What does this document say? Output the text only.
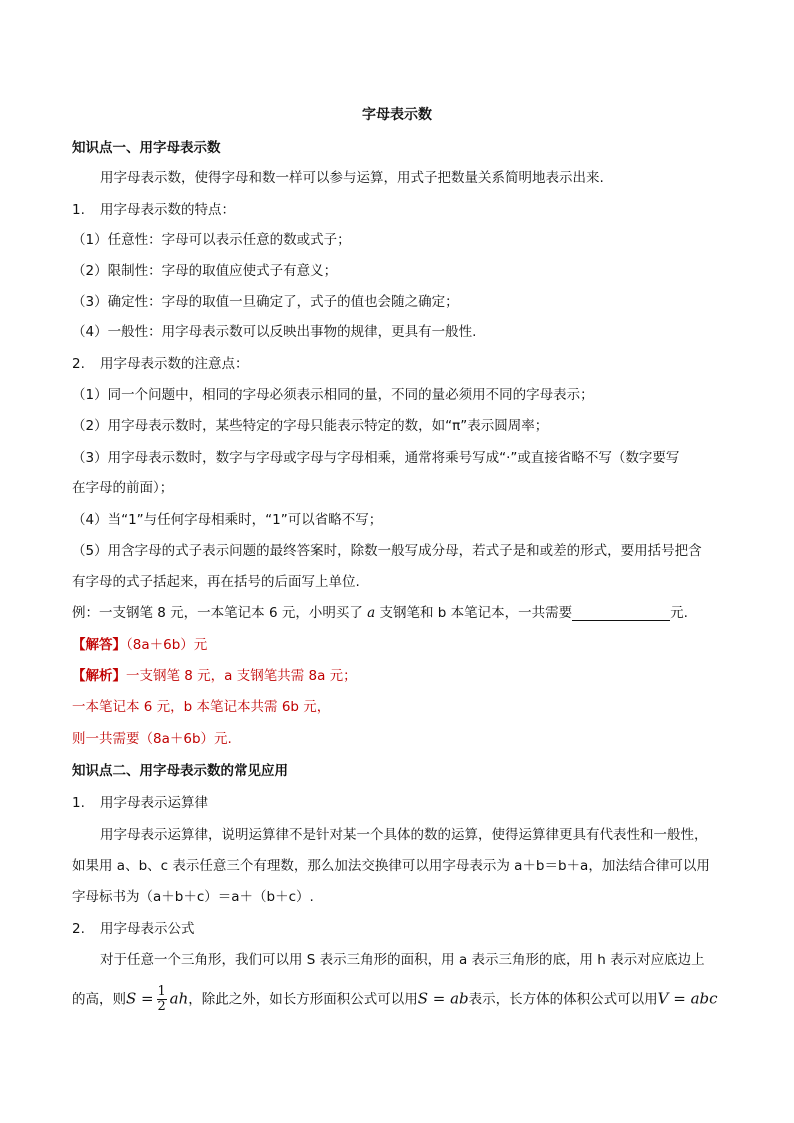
字母表示数
知识点一、用字母表示数
用字母表示数，使得字母和数一样可以参与运算，用式子把数量关系简明地表示出来.
1. 用字母表示数的特点：
（1）任意性：字母可以表示任意的数或式子；
（2）限制性：字母的取值应使式子有意义；
（3）确定性：字母的取值一旦确定了，式子的值也会随之确定；
（4）一般性：用字母表示数可以反映出事物的规律，更具有一般性.
2. 用字母表示数的注意点：
（1）同一个问题中，相同的字母必须表示相同的量，不同的量必须用不同的字母表示；
（2）用字母表示数时，某些特定的字母只能表示特定的数，如“π”表示圆周率；
（3）用字母表示数时，数字与字母或字母与字母相乘，通常将乘号写成“·”或直接省略不写（数字要写
在字母的前面）；
（4）当“1”与任何字母相乘时，“1”可以省略不写；
（5）用含字母的式子表示问题的最终答案时，除数一般写成分母，若式子是和或差的形式，要用括号把含
有字母的式子括起来，再在括号的后面写上单位.
例：一支钢笔 8 元，一本笔记本 6 元，小明买了 a 支钢笔和 b 本笔记本，一共需要	元.
【解答】（8a＋6b）元
【解析】一支钢笔 8 元，a 支钢笔共需 8a 元；
一本笔记本 6 元，b 本笔记本共需 6b 元，
则一共需要（8a＋6b）元.
知识点二、用字母表示数的常见应用
1. 用字母表示运算律
用字母表示运算律，说明运算律不是针对某一个具体的数的运算，使得运算律更具有代表性和一般性，
如果用 a、b、c 表示任意三个有理数，那么加法交换律可以用字母表示为 a＋b＝b＋a，加法结合律可以用
字母标书为（a＋b＋c）＝a＋（b＋c）.
2. 用字母表示公式
对于任意一个三角形，我们可以用 S 表示三角形的面积，用 a 表示三角形的底，用 h 表示对应底边上
的高，则$S = \frac{1}{2}$ ah，除此之外，如长方形面积公式可以用S = ab表示，长方体的体积公式可以用V = abc
